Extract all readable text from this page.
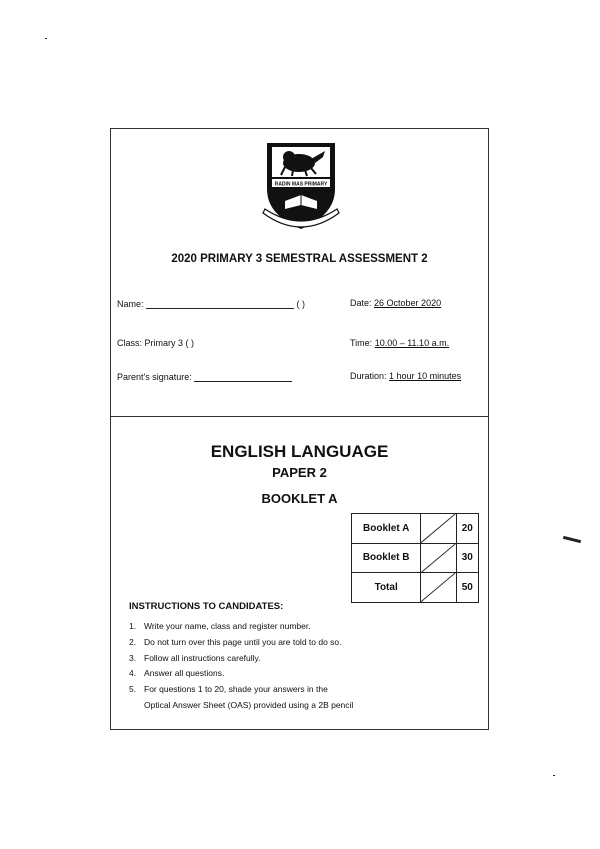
RADIN MAS PRIMARY
2020 PRIMARY 3 SEMESTRAL ASSESSMENT 2
Name:	( )	Date: 26 October 2020
Class: Primary 3 ( )	Time: 10.00 – 11.10 a.m.
Parent's signature:	Duration: 1 hour 10 minutes
ENGLISH LANGUAGE
PAPER 2
BOOKLET A
Booklet A		20
Booklet B		30
Total		50
INSTRUCTIONS TO CANDIDATES:
1. Write your name, class and register number.
2. Do not turn over this page until you are told to do so.
3. Follow all instructions carefully.
4. Answer all questions.
5. For questions 1 to 20, shade your answers in the
Optical Answer Sheet (OAS) provided using a 2B pencil
